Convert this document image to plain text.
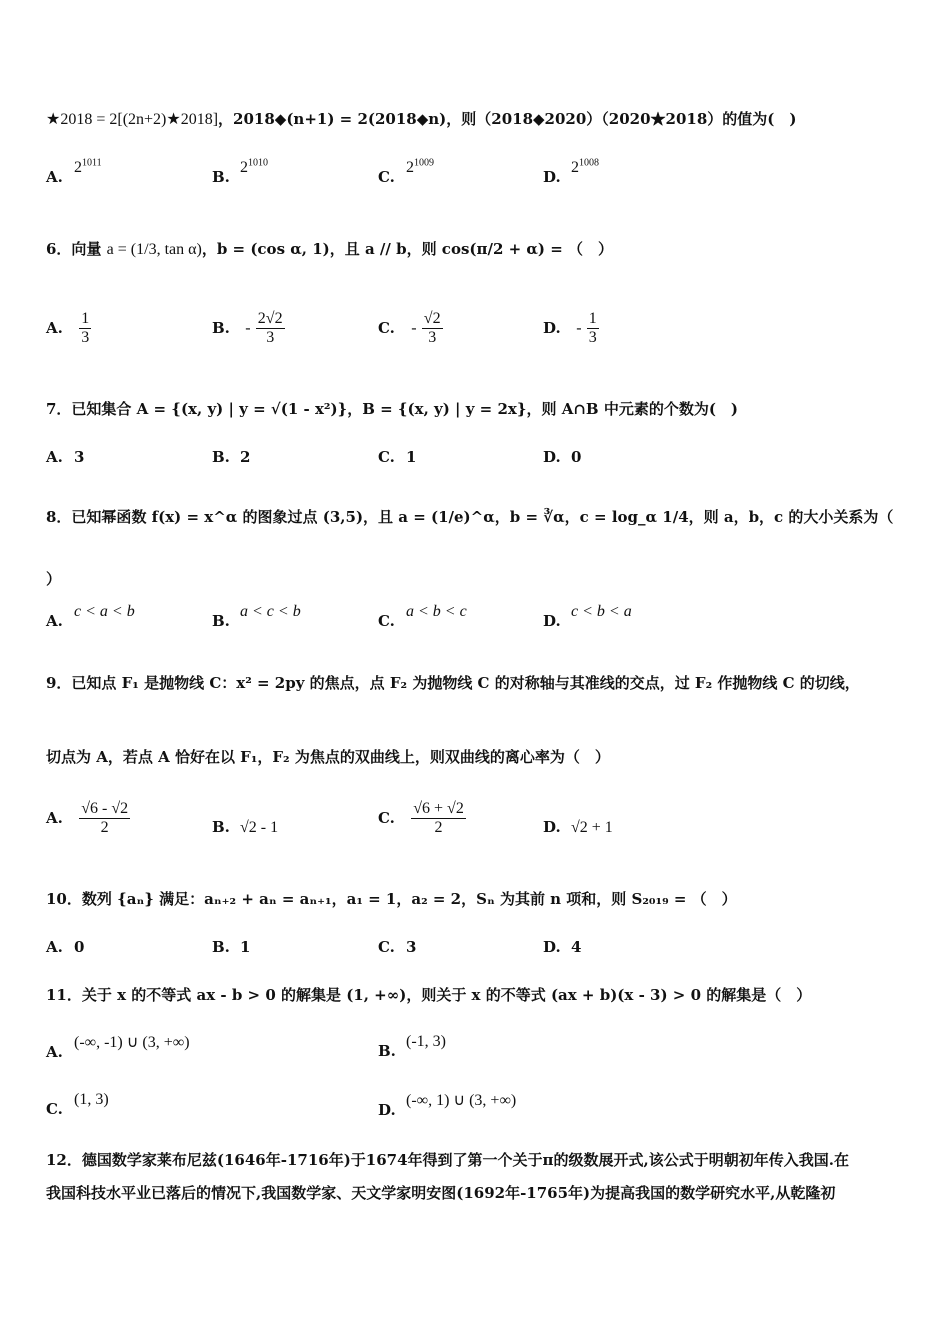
★2018 = 2[(2n+2)★2018]，2018◆(n+1) = 2(2018◆n)，则（2018◆2020）（2020★2018）的值为(　)
$A.2^{1011}$
$B.2^{1010}$
$C.2^{1009}$
$D.2^{1008}$
6．向量 a = (1/3, tan α)，b = (cos α, 1)，且 a // b，则 cos(π/2 + α) = （　）
A. $\frac{1}{3}$	B. - $\frac{2√2}{3}$	C. - $\frac{√2}{3}$	D. - $\frac{1}{3}$
7．已知集合 A = {(x, y) | y = √(1 - x²)}，B = {(x, y) | y = 2x}，则 A∩B 中元素的个数为(　)
A. 3	B. 2	C. 1	D. 0
8．已知幂函数 f(x) = x^α 的图象过点 (3,5)，且 a = (1/e)^α，b = ∛α，c = log_α 1/4，则 a，b，c 的大小关系为（
）
A.c < a < b
B.a < c < b
C.a < b < c
D.c < b < a
9．已知点 F₁ 是抛物线 C：x² = 2py 的焦点，点 F₂ 为抛物线 C 的对称轴与其准线的交点，过 F₂ 作抛物线 C 的切线，
切点为 A，若点 A 恰好在以 F₁，F₂ 为焦点的双曲线上，则双曲线的离心率为（　）
A. $\frac{√6 - √2}{2}$	B. √2 - 1
C. $\frac{√6 + √2}{2}$	D. √2 + 1
10．数列 {aₙ} 满足：aₙ₊₂ + aₙ = aₙ₊₁，a₁ = 1，a₂ = 2，Sₙ 为其前 n 项和，则 S₂₀₁₉ = （　）
A. 0	B. 1	C. 3	D. 4
11．关于 x 的不等式 ax - b > 0 的解集是 (1, +∞)，则关于 x 的不等式 (ax + b)(x - 3) > 0 的解集是（　）
A.(-∞, -1) ∪ (3, +∞)	B.(-1, 3)
C.(1, 3)
D.(-∞, 1) ∪ (3, +∞)
12．德国数学家莱布尼兹(1646年-1716年)于1674年得到了第一个关于π的级数展开式,该公式于明朝初年传入我国.在
我国科技水平业已落后的情况下,我国数学家、天文学家明安图(1692年-1765年)为提高我国的数学研究水平,从乾隆初
